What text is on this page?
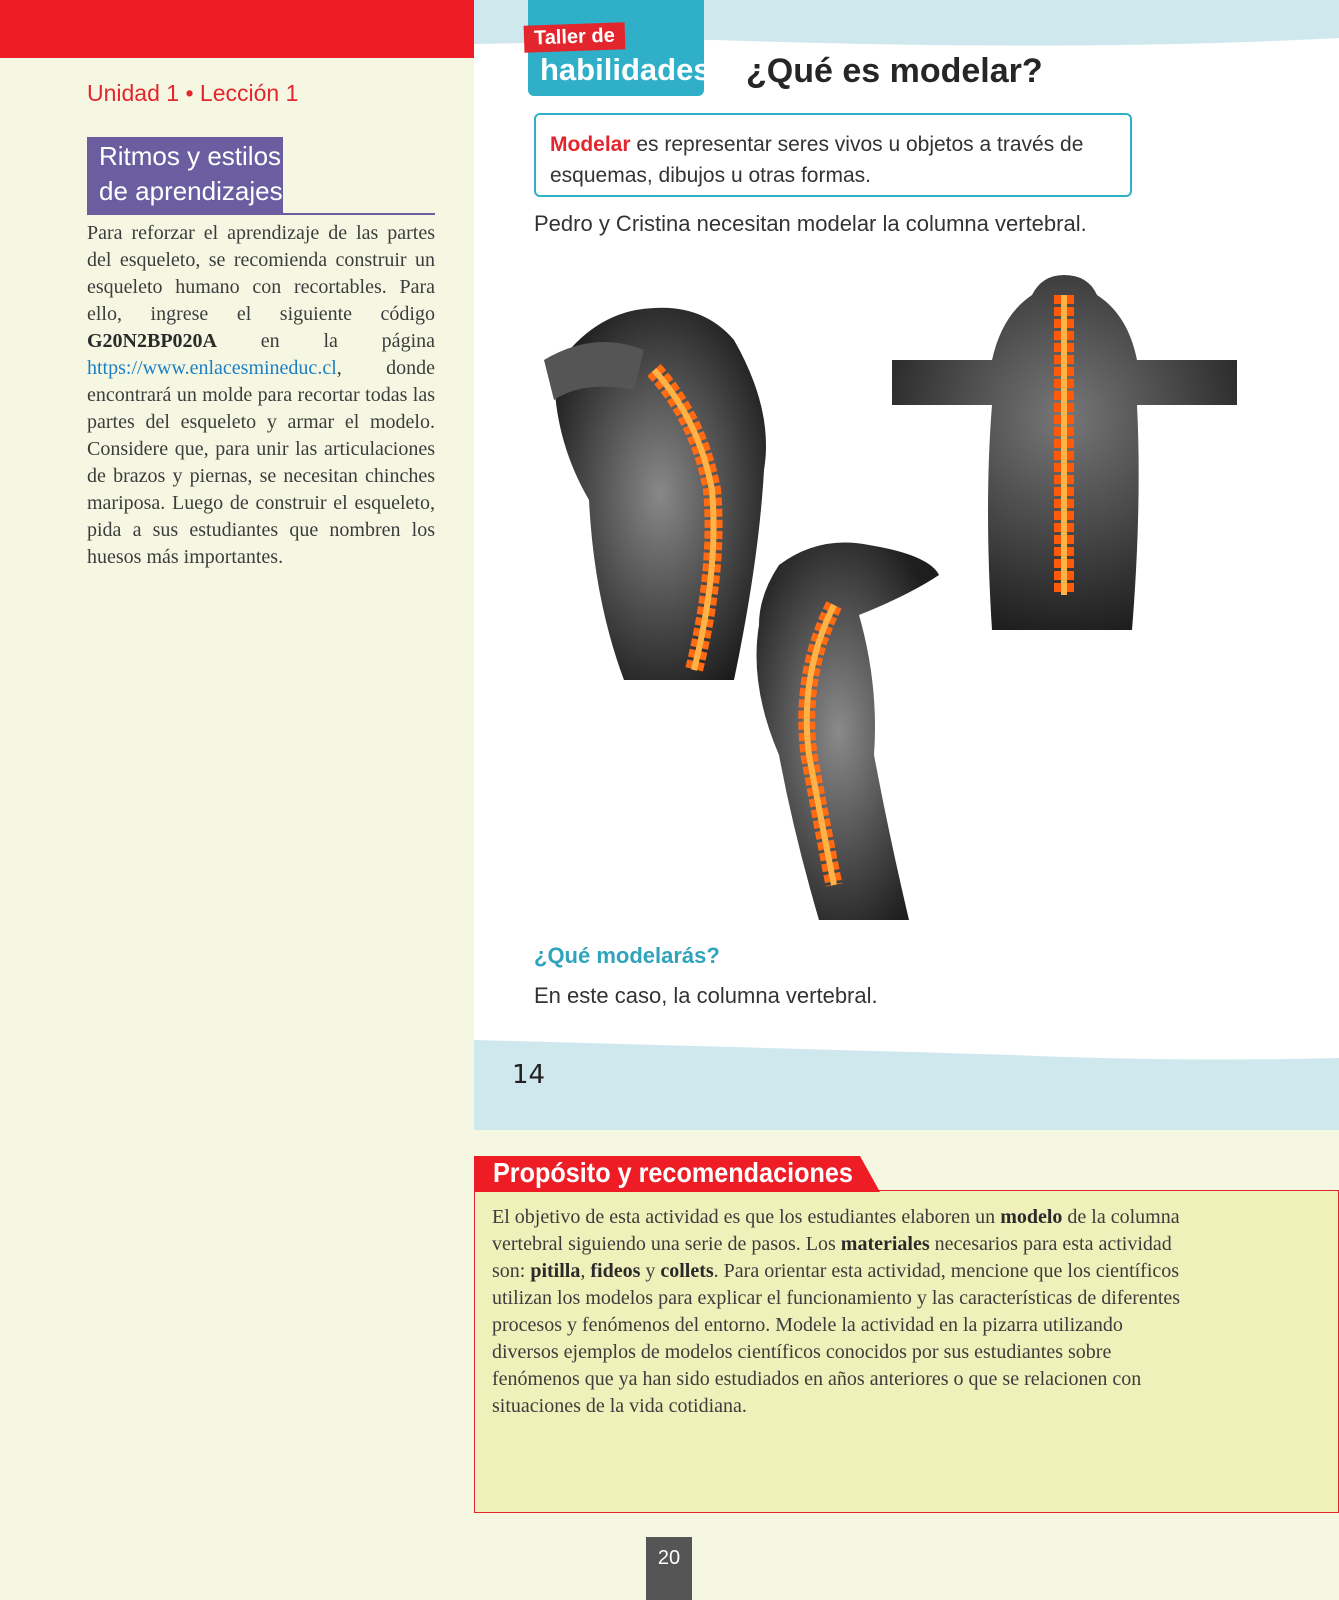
Unidad 1 • Lección 1
Ritmos y estilos
de aprendizajes
Para reforzar el aprendizaje de las partes del esqueleto, se recomienda construir un esqueleto humano con recortables. Para ello, ingrese el siguiente código G20N2BP020A en la página https://www.enlacesmineduc.cl, donde encontrará un molde para recortar todas las partes del esqueleto y armar el modelo. Considere que, para unir las articulaciones de brazos y piernas, se necesitan chinches mariposa. Luego de construir el esqueleto, pida a sus estudiantes que nombren los huesos más importantes.
Taller de
habilidades ¿Qué es modelar?
Modelar es representar seres vivos u objetos a través de esquemas, dibujos u otras formas.
Pedro y Cristina necesitan modelar la columna vertebral.
¿Qué modelarás?
En este caso, la columna vertebral.
14
Propósito y recomendaciones
El objetivo de esta actividad es que los estudiantes elaboren un modelo de la columna vertebral siguiendo una serie de pasos. Los materiales necesarios para esta actividad son: pitilla, fideos y collets. Para orientar esta actividad, mencione que los científicos utilizan los modelos para explicar el funcionamiento y las características de diferentes procesos y fenómenos del entorno. Modele la actividad en la pizarra utilizando diversos ejemplos de modelos científicos conocidos por sus estudiantes sobre fenómenos que ya han sido estudiados en años anteriores o que se relacionen con situaciones de la vida cotidiana.
20
